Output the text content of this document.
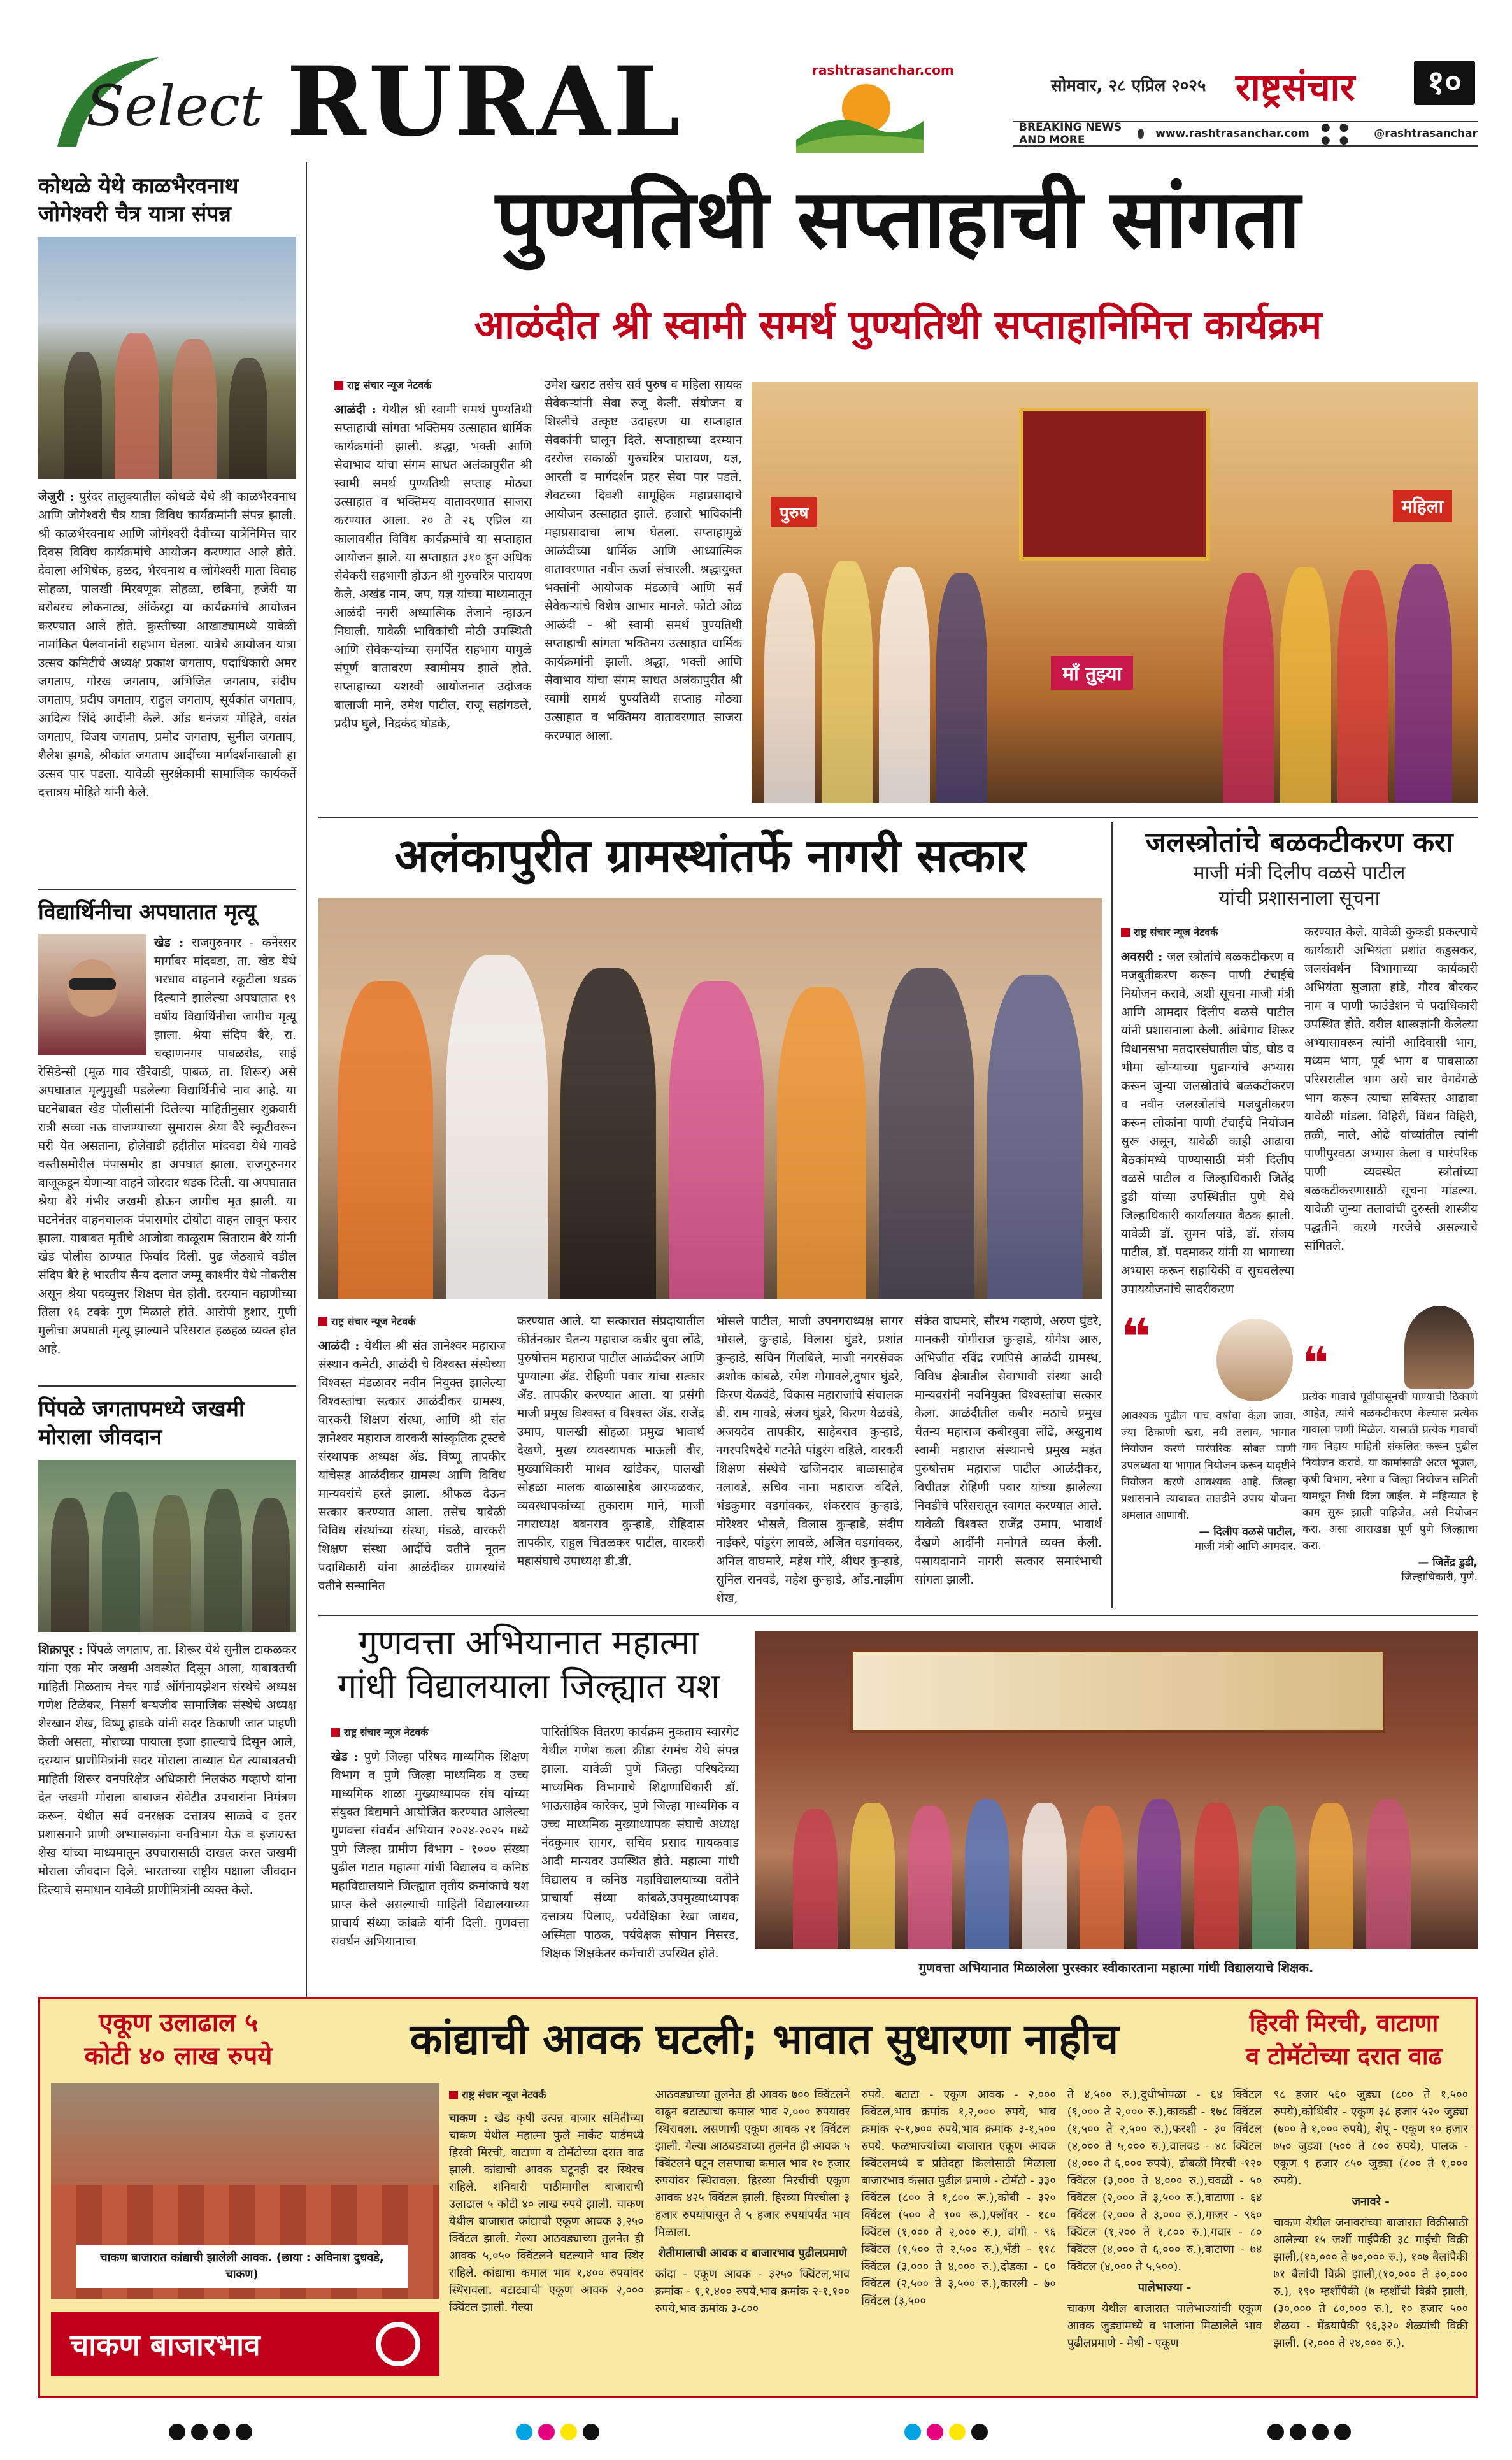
Select RURAL	rashtrasanchar.com
सोमवार, २८ एप्रिल २०२५ राष्ट्रसंचार	१०
BREAKING NEWS AND MORE	www.rashtrasanchar.com ● ● ● ●	@rashtrasanchar
कोथळे येथे काळभैरवनाथ जोगेश्वरी चैत्र यात्रा संपन्न
जेजुरी : पुरंदर तालुक्यातील कोथळे येथे श्री काळभैरवनाथ आणि जोगेश्वरी चैत्र यात्रा विविध कार्यक्रमांनी संपन्न झाली. श्री काळभैरवनाथ आणि जोगेश्वरी देवीच्या यात्रेनिमित्त चार दिवस विविध कार्यक्रमांचे आयोजन करण्यात आले होते. देवाला अभिषेक, हळद, भैरवनाथ व जोगेश्वरी माता विवाह सोहळा, पालखी मिरवणूक सोहळा, छबिना, हजेरी या बरोबरच लोकनाट्य, ऑर्केस्ट्रा या कार्यक्रमांचे आयोजन करण्यात आले होते. कुस्तीच्या आखाड्यामध्ये यावेळी नामांकित पैलवानांनी सहभाग घेतला. यात्रेचे आयोजन यात्रा उत्सव कमिटीचे अध्यक्ष प्रकाश जगताप, पदाधिकारी अमर जगताप, गोरख जगताप, अभिजित जगताप, संदीप जगताप, प्रदीप जगताप, राहुल जगताप, सूर्यकांत जगताप, आदित्य शिंदे आदींनी केले. ओंड धनंजय मोहिते, वसंत जगताप, विजय जगताप, प्रमोद जगताप, सुनील जगताप, शैलेश झगडे, श्रीकांत जगताप आदींच्या मार्गदर्शनाखाली हा उत्सव पार पडला. यावेळी सुरक्षेकामी सामाजिक कार्यकर्ते दत्तात्रय मोहिते यांनी केले.
विद्यार्थिनीचा अपघातात मृत्यू
खेड : राजगुरुनगर - कनेरसर मार्गावर मांदवडा, ता. खेड येथे भरधाव वाहनाने स्कूटीला धडक दिल्याने झालेल्या अपघातात १९ वर्षीय विद्यार्थिनीचा जागीच मृत्यू झाला. श्रेया संदिप बैरे, रा. चव्हाणनगर पाबळरोड, साई रेसिडेन्सी (मूळ गाव खैरेवाडी, पाबळ, ता. शिरूर) असे अपघातात मृत्युमुखी पडलेल्या विद्यार्थिनीचे नाव आहे. या घटनेबाबत खेड पोलीसांनी दिलेल्या माहितीनुसार शुक्रवारी रात्री सव्वा नऊ वाजण्याच्या सुमारास श्रेया बैरे स्कूटीवरून घरी येत असताना, होलेवाडी हद्दीतील मांदवडा येथे गावडे वस्तीसमोरील पंपासमोर हा अपघात झाला. राजगुरुनगर बाजूकडून येणाऱ्या वाहने जोरदार धडक दिली. या अपघातात श्रेया बैरे गंभीर जखमी होऊन जागीच मृत झाली. या घटनेनंतर वाहनचालक पंपासमोर टोयोटा वाहन लावून फरार झाला. याबाबत मृतीचे आजोबा काळूराम सिताराम बैरे यांनी खेड पोलीस ठाण्यात फिर्याद दिली. पुढ जेठ्याचे वडील संदिप बैरे हे भारतीय सैन्य दलात जम्मू काश्मीर येथे नोकरीस असून श्रेया पदव्युत्तर शिक्षण घेत होती. दरम्यान वहाणीच्या तिला १६ टक्के गुण मिळाले होते. आरोपी हुशार, गुणी मुलीचा अपघाती मृत्यू झाल्याने परिसरात हळहळ व्यक्त होत आहे.
पिंपळे जगतापमध्ये जखमी मोराला जीवदान
शिक्रापूर : पिंपळे जगताप, ता. शिरूर येथे सुनील टाकळकर यांना एक मोर जखमी अवस्थेत दिसून आला, याबाबतची माहिती मिळताच नेचर गार्ड ऑर्गनायझेशन संस्थेचे अध्यक्ष गणेश टिळेकर, निसर्ग वन्यजीव सामाजिक संस्थेचे अध्यक्ष शेरखान शेख, विष्णू हाडके यांनी सदर ठिकाणी जात पाहणी केली असता, मोराच्या पायाला इजा झाल्याचे दिसून आले, दरम्यान प्राणीमित्रांनी सदर मोराला ताब्यात घेत त्याबाबतची माहिती शिरूर वनपरिक्षेत्र अधिकारी निलकंठ गव्हाणे यांना देत जखमी मोराला बाबाजन सेवेटीत उपचारांना निमंत्रण करून. येथील सर्व वनरक्षक दत्तात्रय साळवे व इतर प्रशासनाने प्राणी अभ्यासकांना वनविभाग येऊ व इजाग्रस्त शेख यांच्या माध्यमातून उपचारासाठी दाखल करत जखमी मोराला जीवदान दिले. भारताच्या राष्ट्रीय पक्षाला जीवदान दिल्याचे समाधान यावेळी प्राणीमित्रांनी व्यक्त केले.
पुण्यतिथी सप्ताहाची सांगता
आळंदीत श्री स्वामी समर्थ पुण्यतिथी सप्ताहानिमित्त कार्यक्रम
राष्ट्र संचार न्यूज नेटवर्क
आळंदी : येथील श्री स्वामी समर्थ पुण्यतिथी सप्ताहाची सांगता भक्तिमय उत्साहात धार्मिक कार्यक्रमांनी झाली. श्रद्धा, भक्ती आणि सेवाभाव यांचा संगम साधत अलंकापुरीत श्री स्वामी समर्थ पुण्यतिथी सप्ताह मोठ्या उत्साहात व भक्तिमय वातावरणात साजरा करण्यात आला. २० ते २६ एप्रिल या कालावधीत विविध कार्यक्रमांचे या सप्ताहात आयोजन झाले. या सप्ताहात ३१० हून अधिक सेवेकरी सहभागी होऊन श्री गुरुचरित्र पारायण केले. अखंड नाम, जप, यज्ञ यांच्या माध्यमातून आळंदी नगरी अध्यात्मिक तेजाने न्हाऊन निघाली. यावेळी भाविकांची मोठी उपस्थिती आणि सेवेकऱ्यांच्या समर्पित सहभाग यामुळे संपूर्ण वातावरण स्वामीमय झाले होते. सप्ताहाच्या यशस्वी आयोजनात उदोजक बालाजी माने, उमेश पाटील, राजू सहांगडले, प्रदीप घुले, निद्रकंद घोडके,
उमेश खराट तसेच सर्व पुरुष व महिला सायक सेवेकऱ्यांनी सेवा रुजू केली. संयोजन व शिस्तीचे उत्कृष्ट उदाहरण या सप्ताहात सेवकांनी घालून दिले. सप्ताहाच्या दरम्यान दररोज सकाळी गुरुचरित्र पारायण, यज्ञ, आरती व मार्गदर्शन प्रहर सेवा पार पडले. शेवटच्या दिवशी सामूहिक महाप्रसादाचे आयोजन उत्साहात झाले. हजारो भाविकांनी महाप्रसादाचा लाभ घेतला. सप्ताहामुळे आळंदीच्या धार्मिक आणि आध्यात्मिक वातावरणात नवीन ऊर्जा संचारली. श्रद्धायुक्त भक्तांनी आयोजक मंडळाचे आणि सर्व सेवेकऱ्यांचे विशेष आभार मानले. फोटो ओळ आळंदी - श्री स्वामी समर्थ पुण्यतिथी सप्ताहाची सांगता भक्तिमय उत्साहात धार्मिक कार्यक्रमांनी झाली. श्रद्धा, भक्ती आणि सेवाभाव यांचा संगम साधत अलंकापुरीत श्री स्वामी समर्थ पुण्यतिथी सप्ताह मोठ्या उत्साहात व भक्तिमय वातावरणात साजरा करण्यात आला.
पुरुष	महिला
माँ तुझ्या
अलंकापुरीत ग्रामस्थांतर्फे नागरी सत्कार
राष्ट्र संचार न्यूज नेटवर्क
आळंदी : येथील श्री संत ज्ञानेश्वर महाराज संस्थान कमेटी, आळंदी चे विश्वस्त संस्थेच्या विश्वस्त मंडळावर नवीन नियुक्त झालेल्या विश्वस्तांचा सत्कार आळंदीकर ग्रामस्थ, वारकरी शिक्षण संस्था, आणि श्री संत ज्ञानेश्वर महाराज वारकरी सांस्कृतिक ट्रस्टचे संस्थापक अध्यक्ष ॲड. विष्णू तापकीर यांचेसह आळंदीकर ग्रामस्थ आणि विविध मान्यवरांचे हस्ते झाला. श्रीफळ देऊन सत्कार करण्यात आला. तसेच यावेळी विविध संस्थांच्या संस्था, मंडळे, वारकरी शिक्षण संस्था आदींचे वतीने नूतन पदाधिकारी यांना आळंदीकर ग्रामस्थांचे वतीने सन्मानित
करण्यात आले. या सत्कारात संप्रदायातील कीर्तनकार चैतन्य महाराज कबीर बुवा लोंढे, पुरुषोत्तम महाराज पाटील आळंदीकर आणि पुण्यात्मा ॲड. रोहिणी पवार यांचा सत्कार ॲड. तापकीर करण्यात आला. या प्रसंगी माजी प्रमुख विश्वस्त व विश्वस्त ॲड. राजेंद्र उमाप, पालखी सोहळा प्रमुख भावार्थ देखणे, मुख्य व्यवस्थापक माऊली वीर, मुख्याधिकारी माधव खांडेकर, पालखी सोहळा मालक बाळासाहेब आरफळकर, व्यवस्थापकांच्या तुकाराम माने, माजी नगराध्यक्ष बबनराव कुऱ्हाडे, रोहिदास तापकीर, राहुल चितळकर पाटील, वारकरी महासंघाचे उपाध्यक्ष डी.डी.
भोसले पाटील, माजी उपनगराध्यक्ष सागर भोसले, कुऱ्हाडे, विलास घुंडरे, प्रशांत कुऱ्हाडे, सचिन गिलबिले, माजी नगरसेवक अशोक कांबळे, रमेश गोगावले,तुषार घुंडरे, किरण येळवंडे, विकास महाराजांचे संचालक डी. राम गावडे, संजय घुंडरे, किरण येळवंडे, अजयदेव तापकीर, साहेबराव कुऱ्हाडे, नगरपरिषदेचे गटनेते पांडुरंग वहिले, वारकरी शिक्षण संस्थेचे खजिनदार बाळासाहेब नलावडे, सचिव नाना महाराज वंदिले, भंडकुमार वडगांवकर, शंकरराव कुऱ्हाडे, मोरेश्वर भोसले, विलास कुऱ्हाडे, संदीप नाईकरे, पांडुरंग लावळे, अजित वडगांवकर, अनिल वाघमारे, महेश गोरे, श्रीधर कुऱ्हाडे, सुनिल रानवडे, महेश कुऱ्हाडे, ओंड.नाझीम शेख,
संकेत वाघमारे, सौरभ गव्हाणे, अरुण घुंडरे, मानकरी योगीराज कुऱ्हाडे, योगेश आरु, अभिजीत रविंद्र रणपिसे आळंदी ग्रामस्थ, विविध क्षेत्रातील सेवाभावी संस्था आदी मान्यवरांनी नवनियुक्त विश्वस्तांचा सत्कार केला. आळंदीतील कबीर मठाचे प्रमुख चैतन्य महाराज कबीरबुवा लोंढे, अखुनाथ स्वामी महाराज संस्थानचे प्रमुख महंत पुरुषोत्तम महाराज पाटील आळंदीकर, विधीतज्ञ रोहिणी पवार यांच्या झालेल्या निवडीचे परिसरातून स्वागत करण्यात आले. यावेळी विश्वस्त राजेंद्र उमाप, भावार्थ देखणे आदींनी मनोगते व्यक्त केली. पसायदानाने नागरी सत्कार समारंभाची सांगता झाली.
जलस्त्रोतांचे बळकटीकरण करा
माजी मंत्री दिलीप वळसे पाटील
यांची प्रशासनाला सूचना
राष्ट्र संचार न्यूज नेटवर्क
अवसरी : जल स्त्रोतांचे बळकटीकरण व मजबुतीकरण करून पाणी टंचाईचे नियोजन करावे, अशी सूचना माजी मंत्री आणि आमदार दिलीप वळसे पाटील यांनी प्रशासनाला केली. आंबेगाव शिरूर विधानसभा मतदारसंघातील घोड, घोड व भीमा खोऱ्याच्या पुढाऱ्यांचे अभ्यास करून जुन्या जलस्रोतांचे बळकटीकरण व नवीन जलस्त्रोतांचे मजबुतीकरण करून लोकांना पाणी टंचाईचे नियोजन सुरू असून, यावेळी काही आढावा बैठकांमध्ये पाण्यासाठी मंत्री दिलीप वळसे पाटील व जिल्हाधिकारी जितेंद्र डुडी यांच्या उपस्थितीत पुणे येथे जिल्हाधिकारी कार्यालयात बैठक झाली. यावेळी डॉ. सुमन पांडे, डॉ. संजय पाटील, डॉ. पदमाकर यांनी या भागाच्या अभ्यास करून सहायिकी व सुचवलेल्या उपाययोजनांचे सादरीकरण
करण्यात केले. यावेळी कुकडी प्रकल्पाचे कार्यकारी अभियंता प्रशांत कडुसकर, जलसंवर्धन विभागाच्या कार्यकारी अभियंता सुजाता हांडे, गौरव बोरकर नाम व पाणी फाउंडेशन चे पदाधिकारी उपस्थित होते. वरील शास्त्रज्ञांनी केलेल्या अभ्यासावरून त्यांनी आदिवासी भाग, मध्यम भाग, पूर्व भाग व पावसाळा परिसरातील भाग असे चार वेगवेगळे भाग करून त्याचा सविस्तर आढावा यावेळी मांडला. विहिरी, विंधन विहिरी, तळी, नाले, ओढे यांच्यांतील त्यांनी पाणीपुरवठा अभ्यास केला व पारंपरिक पाणी व्यवस्थेत स्त्रोतांच्या बळकटीकरणासाठी सूचना मांडल्या. यावेळी जुन्या तलावांची दुरुस्ती शास्त्रीय पद्धतीने करणे गरजेचे असल्याचे सांगितले.
❝
आवश्यक पुढील पाच वर्षांचा केला जावा, ज्या ठिकाणी खरा, नदी तलाव, भागात नियोजन करणे पारंपरिक सोबत पाणी उपलब्धता या भागात नियोजन करून यादृष्टीने नियोजन करणे आवश्यक आहे. जिल्हा प्रशासनाने त्याबाबत तातडीने उपाय योजना अमलात आणावी.
— दिलीप वळसे पाटील,
माजी मंत्री आणि आमदार.
❝
प्रत्येक गावाचे पूर्वीपासूनची पाण्याची ठिकाणे आहेत, त्यांचे बळकटीकरण केल्यास प्रत्येक गावाला पाणी मिळेल. यासाठी प्रत्येक गावाची गाव निहाय माहिती संकलित करून पुढील नियोजन करावे. या कामांसाठी अटल भूजल, कृषी विभाग, नरेगा व जिल्हा नियोजन समिती यामधून निधी दिला जाईल. मे महिन्यात हे काम सुरू झाली पाहिजेत, असे नियोजन करा. असा आराखडा पूर्ण पुणे जिल्ह्याचा करा.
— जितेंद्र डुडी,
जिल्हाधिकारी, पुणे.
गुणवत्ता अभियानात महात्मा
गांधी विद्यालयाला जिल्ह्यात यश
राष्ट्र संचार न्यूज नेटवर्क
खेड : पुणे जिल्हा परिषद माध्यमिक शिक्षण विभाग व पुणे जिल्हा माध्यमिक व उच्च माध्यमिक शाळा मुख्याध्यापक संघ यांच्या संयुक्त विद्यमाने आयोजित करण्यात आलेल्या गुणवत्ता संवर्धन अभियान २०२४-२०२५ मध्ये पुणे जिल्हा ग्रामीण विभाग - १००० संख्या पुढील गटात महात्मा गांधी विद्यालय व कनिष्ठ महाविद्यालयाने जिल्ह्यात तृतीय क्रमांकाचे यश प्राप्त केले असल्याची माहिती विद्यालयाच्या प्राचार्य संध्या कांबळे यांनी दिली. गुणवत्ता संवर्धन अभियानाचा
पारितोषिक वितरण कार्यक्रम नुकताच स्वारगेट येथील गणेश कला क्रीडा रंगमंच येथे संपन्न झाला. यावेळी पुणे जिल्हा परिषदेच्या माध्यमिक विभागाचे शिक्षणाधिकारी डॉ. भाऊसाहेब कारेकर, पुणे जिल्हा माध्यमिक व उच्च माध्यमिक मुख्याध्यापक संघाचे अध्यक्ष नंदकुमार सागर, सचिव प्रसाद गायकवाड आदी मान्यवर उपस्थित होते. महात्मा गांधी विद्यालय व कनिष्ठ महाविद्यालयाच्या वतीने प्राचार्या संध्या कांबळे,उपमुख्याध्यापक दत्तात्रय पिलाए, पर्यवेक्षिका रेखा जाधव, अस्मिता पाठक, पर्यवेक्षक सोपान निसरड, शिक्षक शिक्षकेतर कर्मचारी उपस्थित होते.
गुणवत्ता अभियानात मिळालेला पुरस्कार स्वीकारताना महात्मा गांधी विद्यालयाचे शिक्षक.
एकूण उलाढाल ५
कोटी ४० लाख रुपये	कांद्याची आवक घटली; भावात सुधारणा नाहीच	हिरवी मिरची, वाटाणा
व टोमॅटोच्या दरात वाढ
चाकण बाजारात कांद्याची झालेली आवक. (छाया : अविनाश दुधवडे, चाकण)
चाकण बाजारभाव
राष्ट्र संचार न्यूज नेटवर्क
चाकण : खेड कृषी उत्पन्न बाजार समितीच्या चाकण येथील महात्मा फुले मार्केट यार्डमध्ये हिरवी मिरची, वाटाणा व टोमॅटोच्या दरात वाढ झाली. कांद्याची आवक घटूनही दर स्थिरच राहिले. शनिवारी पाठीमागील बाजाराची उलाढाल ५ कोटी ४० लाख रुपये झाली. चाकण येथील बाजारात कांद्याची एकूण आवक ३,२५० क्विंटल झाली. गेल्या आठवड्याच्या तुलनेत ही आवक ५,०५० क्विंटलने घटल्याने भाव स्थिर राहिले. कांद्याचा कमाल भाव १,४०० रुपयांवर स्थिरावला. बटाट्याची एकूण आवक २,००० क्विंटल झाली. गेल्या
आठवड्याच्या तुलनेत ही आवक ७०० क्विंटलने वाढून बटाट्याचा कमाल भाव २,००० रुपयावर स्थिरावला. लसणाची एकूण आवक २१ क्विंटल झाली. गेल्या आठवड्याच्या तुलनेत ही आवक ५ क्विंटलने घटून लसणाचा कमाल भाव १० हजार रुपयांवर स्थिरावला. हिरव्या मिरचीची एकूण आवक ४२५ क्विंटल झाली. हिरव्या मिरचीला ३ हजार रुपयांपासून ते ५ हजार रुपयांपर्यंत भाव मिळाला.
शेतीमालाची आवक व बाजारभाव पुढीलप्रमाणे
कांदा - एकूण आवक - ३२५० क्विंटल,भाव क्रमांक - १,१,४०० रुपये,भाव क्रमांक २-१,१०० रुपये,भाव क्रमांक ३-८००
रुपये. बटाटा - एकूण आवक - २,००० क्विंटल,भाव क्रमांक १,२,००० रुपये, भाव क्रमांक २-१,७०० रुपये,भाव क्रमांक ३-१,५०० रुपये. फळभाज्यांच्या बाजारात एकूण आवक क्विंटलमध्ये व प्रतिदहा किलोसाठी मिळाला बाजारभाव कंसात पुढील प्रमाणे - टोमॅटो - ३३० क्विंटल (८०० ते १,८०० रू.),कोबी - ३२० क्विंटल (५०० ते ९०० रू.),फ्लॉवर - १८० क्विंटल (१,००० ते २,००० रु.), वांगी - ९६ क्विंटल (१,५०० ते २,५०० रु.),भेंडी - ११८ क्विंटल (३,००० ते ४,००० रु.),दोडका - ६० क्विंटल (२,५०० ते ३,५०० रु.),कारली - ७० क्विंटल (३,५००
ते ४,५०० रु.),दुधीभोपळा - ६४ क्विंटल (१,००० ते २,००० रु.),काकडी - १७८ क्विंटल (१,५०० ते २,५०० रु.),फरशी - ३० क्विंटल (४,००० ते ५,००० रु.),वालवड - ४८ क्विंटल (४,००० ते ६,००० रुपये), ढोबळी मिरची -१२० क्विंटल (३,००० ते ४,००० रु.),चवळी - ५० क्विंटल (२,००० ते ३,५०० रु.),वाटाणा - ६४ क्विंटल (२,००० ते ३,००० रु.),गाजर - ९६० क्विंटल (१,२०० ते १,८०० रु.),गवार - ८० क्विंटल (४,००० ते ६,००० रु.),वाटाणा - ७४ क्विंटल (४,००० ते ५,५००).
पालेभाज्या -
चाकण येथील बाजारात पालेभाज्यांची एकूण आवक जुड्यांमध्ये व भाजांना मिळालेले भाव पुढीलप्रमाणे - मेथी - एकूण
९८ हजार ५६० जुड्या (८०० ते १,५०० रुपये),कोथिंबीर - एकूण ३८ हजार ५२० जुड्या (७०० ते १,००० रुपये), शेपू - एकूण १० हजार ७५० जुड्या (५०० ते ८०० रुपये), पालक - एकूण ९ हजार ८५० जुड्या (८०० ते १,००० रुपये).
जनावरे -
चाकण येथील जनावरांच्या बाजारात विक्रीसाठी आलेल्या १५ जर्शी गाईंपैकी ३८ गाईंची विक्री झाली,(१०,००० ते ७०,००० रु.), १०७ बैलांपैकी ७१ बैलांची विक्री झाली,(१०,००० ते ३०,००० रु.), १९० म्हशींपैकी (७ म्हशींची विक्री झाली, (३०,००० ते ८०,००० रु.), १० हजार ५०० शेळया - मेंढयापैकी ९६,३२० शेळ्यांची विक्री झाली. (२,००० ते २४,००० रु.).
